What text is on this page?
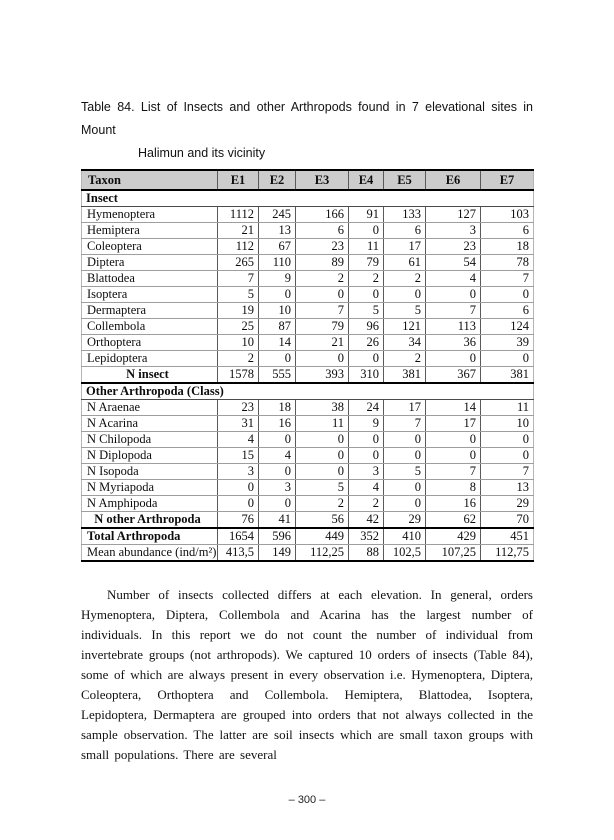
Table 84. List of Insects and other Arthropods found in 7 elevational sites in Mount
Halimun and its vicinity
Taxon	E1	E2	E3	E4	E5	E6	E7
Insect							
Hymenoptera	1112	245	166	91	133	127	103
Hemiptera	21	13	6	0	6	3	6
Coleoptera	112	67	23	11	17	23	18
Diptera	265	110	89	79	61	54	78
Blattodea	7	9	2	2	2	4	7
Isoptera	5	0	0	0	0	0	0
Dermaptera	19	10	7	5	5	7	6
Collembola	25	87	79	96	121	113	124
Orthoptera	10	14	21	26	34	36	39
Lepidoptera	2	0	0	0	2	0	0
N insect	1578	555	393	310	381	367	381
Other Arthropoda (Class)							
N Araenae	23	18	38	24	17	14	11
N Acarina	31	16	11	9	7	17	10
N Chilopoda	4	0	0	0	0	0	0
N Diplopoda	15	4	0	0	0	0	0
N Isopoda	3	0	0	3	5	7	7
N Myriapoda	0	3	5	4	0	8	13
N Amphipoda	0	0	2	2	0	16	29
N other Arthropoda	76	41	56	42	29	62	70
Total Arthropoda	1654	596	449	352	410	429	451
Mean abundance (ind/m²)	413,5	149	112,25	88	102,5	107,25	112,75

Number of insects collected differs at each elevation. In general, orders Hymenoptera, Diptera, Collembola and Acarina has the largest number of individuals. In this report we do not count the number of individual from invertebrate groups (not arthropods). We captured 10 orders of insects (Table 84), some of which are always present in every observation i.e. Hymenoptera, Diptera, Coleoptera, Orthoptera and Collembola. Hemiptera, Blattodea, Isoptera, Lepidoptera, Dermaptera are grouped into orders that not always collected in the sample observation. The latter are soil insects which are small taxon groups with small populations. There are several

– 300 –
